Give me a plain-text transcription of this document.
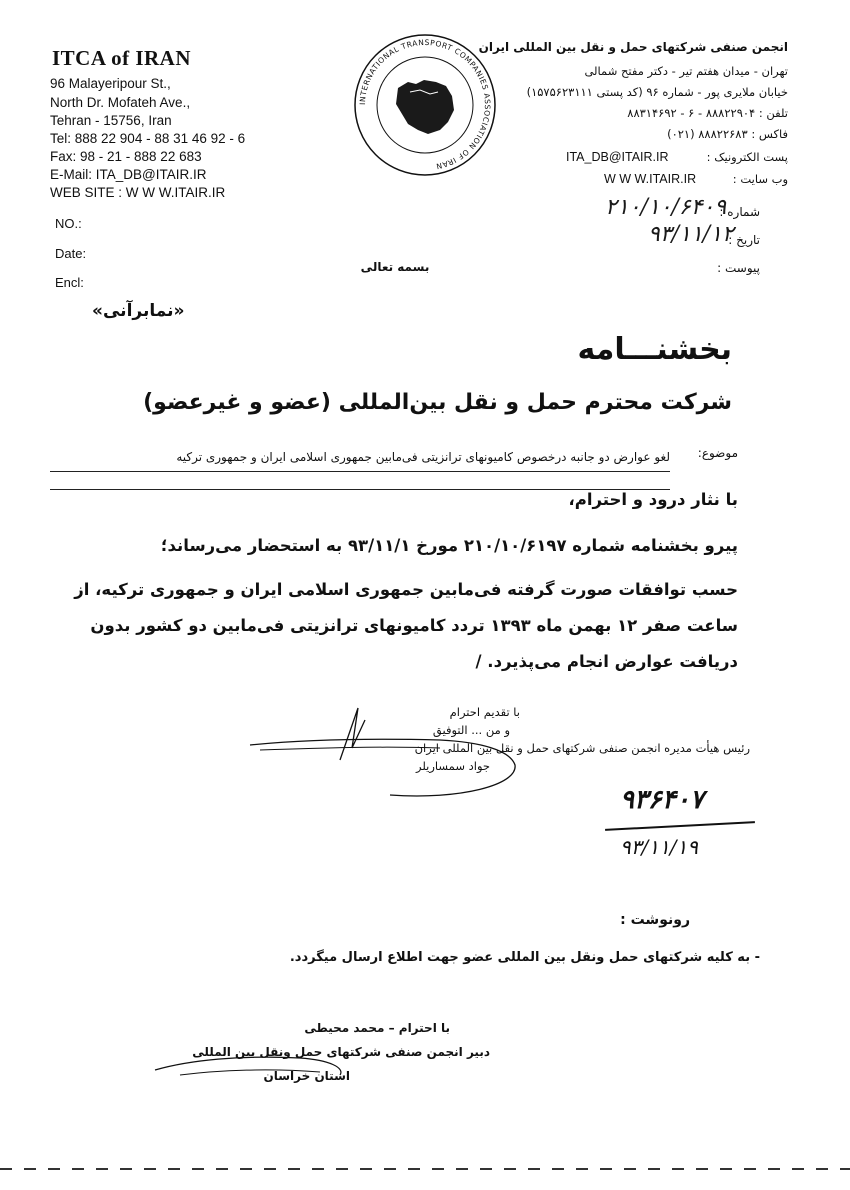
ITCA of IRAN
96 Malayeripour St.,
North Dr. Mofateh Ave.,
Tehran - 15756, Iran
Tel: 888 22 904 - 88 31 46 92 - 6
Fax: 98 - 21 - 888 22 683
E-Mail: ITA_DB@ITAIR.IR
WEB SITE : W W W.ITAIR.IR
INTERNATIONAL TRANSPORT COMPANIES ASSOCIATION OF IRAN
انجمن صنفی شرکتهای حمل و نقل بین المللی ایران
تهران - میدان هفتم تیر - دکتر مفتح شمالی
خیابان ملایری پور - شماره ۹۶ (کد پستی ۱۵۷۵۶۲۳۱۱۱)
تلفن : ۸۸۸۲۲۹۰۴ - ۶ - ۸۸۳۱۴۶۹۲
فاکس : ۸۸۸۲۲۶۸۳ (۰۲۱)
پست الکترونیک :
ITA_DB@ITAIR.IR
وب سایت :
W W W.ITAIR.IR
NO.:
Date:
Encl:
شماره :
تاریخ :
پیوست :
۲۱۰/۱۰/۶۴۰۹
۹۳/۱۱/۱۲
بسمه تعالی
«نمابرآنی»
بخشنـــامه
شرکت محترم حمل و نقل بین‌المللی (عضو و غیرعضو)
موضوع:
لغو عوارض دو جانبه درخصوص کامیونهای ترانزیتی فی‌مابین جمهوری اسلامی ایران و جمهوری ترکیه
با نثار درود و احترام،
پیرو بخشنامه شماره ۲۱۰/۱۰/۶۱۹۷ مورخ ۹۳/۱۱/۱ به استحضار می‌رساند؛
حسب توافقات صورت گرفته فی‌مابین جمهوری اسلامی ایران و جمهوری ترکیه، از
ساعت صفر ۱۲ بهمن ماه ۱۳۹۳ تردد کامیونهای ترانزیتی فی‌مابین دو کشور بدون
دریافت عوارض انجام می‌پذیرد. /
با تقدیم احترام
و من ... التوفیق
رئیس هیأت مدیره انجمن صنفی شرکتهای حمل و نقل بین المللی ایران
جواد سمساریلر
۹۳۶۴۰۷
۹۳/۱۱/۱۹
رونوشت :
- به کلیه شرکتهای حمل ونقل بین المللی عضو جهت اطلاع ارسال میگردد.
با احترام – محمد محیطی
دبیر انجمن صنفی شرکتهای حمل ونقل بین المللی
استان خراسان
